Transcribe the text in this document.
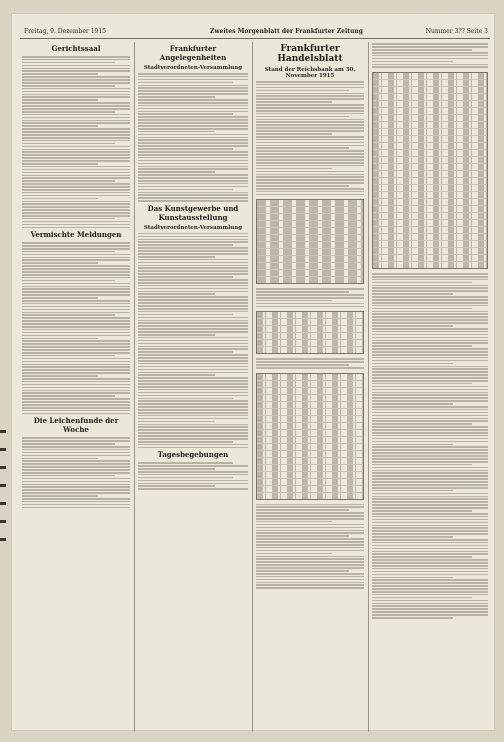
Freitag, 9. Dezember 1915	Zweites Morgenblatt der Frankfurter Zeitung	Nummer 3?? Seite 3
Gerichtssaal
Vermischte Meldungen
Die Leichenfunde der Woche
Frankfurter Angelegenheiten
Stadtverordneten-Versammlung
Das Kunstgewerbe und Kunstausstellung
Stadtverordneten-Versammlung
Tagesbegebungen
Frankfurter Handelsblatt
Stand der Reichsbank am 30. November 1915
